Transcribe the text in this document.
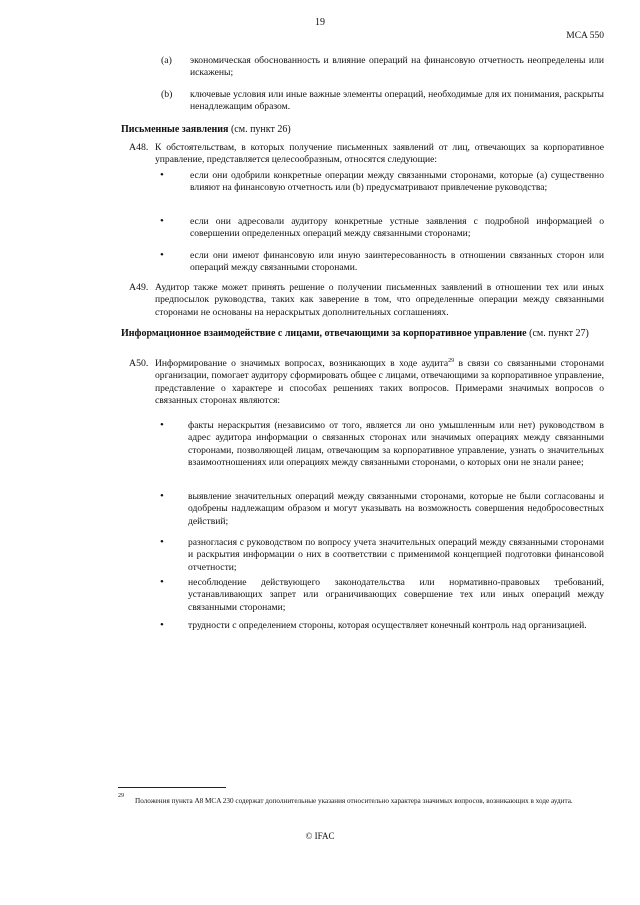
19
MCA 550
(a) экономическая обоснованность и влияние операций на финансовую отчетность неопределены или искажены;
(b) ключевые условия или иные важные элементы операций, необходимые для их понимания, раскрыты ненадлежащим образом.
Письменные заявления (см. пункт 26)
A48. К обстоятельствам, в которых получение письменных заявлений от лиц, отвечающих за корпоративное управление, представляется целесообразным, относятся следующие:
•	если они одобрили конкретные операции между связанными сторонами, которые (a) существенно влияют на финансовую отчетность или (b) предусматривают привлечение руководства;
•	если они адресовали аудитору конкретные устные заявления с подробной информацией о совершении определенных операций между связанными сторонами;
•	если они имеют финансовую или иную заинтересованность в отношении связанных сторон или операций между связанными сторонами.
A49. Аудитор также может принять решение о получении письменных заявлений в отношении тех или иных предпосылок руководства, таких как заверение в том, что определенные операции между связанными сторонами не основаны на нераскрытых дополнительных соглашениях.
Информационное взаимодействие с лицами, отвечающими за корпоративное управление (см. пункт 27)
A50. Информирование о значимых вопросах, возникающих в ходе аудита$^{29}$ в связи со связанными сторонами организации, помогает аудитору сформировать общее с лицами, отвечающими за корпоративное управление, представление о характере и способах решениях таких вопросов. Примерами значимых вопросов о связанных сторонах являются:
•	факты нераскрытия (независимо от того, является ли оно умышленным или нет) руководством в адрес аудитора информации о связанных сторонах или значимых операциях между связанными сторонами, позволяющей лицам, отвечающим за корпоративное управление, узнать о значительных взаимоотношениях или операциях между связанными сторонами, о которых они не знали ранее;
•	выявление значительных операций между связанными сторонами, которые не были согласованы и одобрены надлежащим образом и могут указывать на возможность совершения недобросовестных действий;
•	разногласия с руководством по вопросу учета значительных операций между связанными сторонами и раскрытия информации о них в соответствии с применимой концепцией подготовки финансовой отчетности;
•	несоблюдение действующего законодательства или нормативно-правовых требований, устанавливающих запрет или ограничивающих совершение тех или иных операций между связанными сторонами;
•	трудности с определением стороны, которая осуществляет конечный контроль над организацией.
29
Положения пункта A8 MCA 230 содержат дополнительные указания относительно характера значимых вопросов, возникающих в ходе аудита.
© IFAC
